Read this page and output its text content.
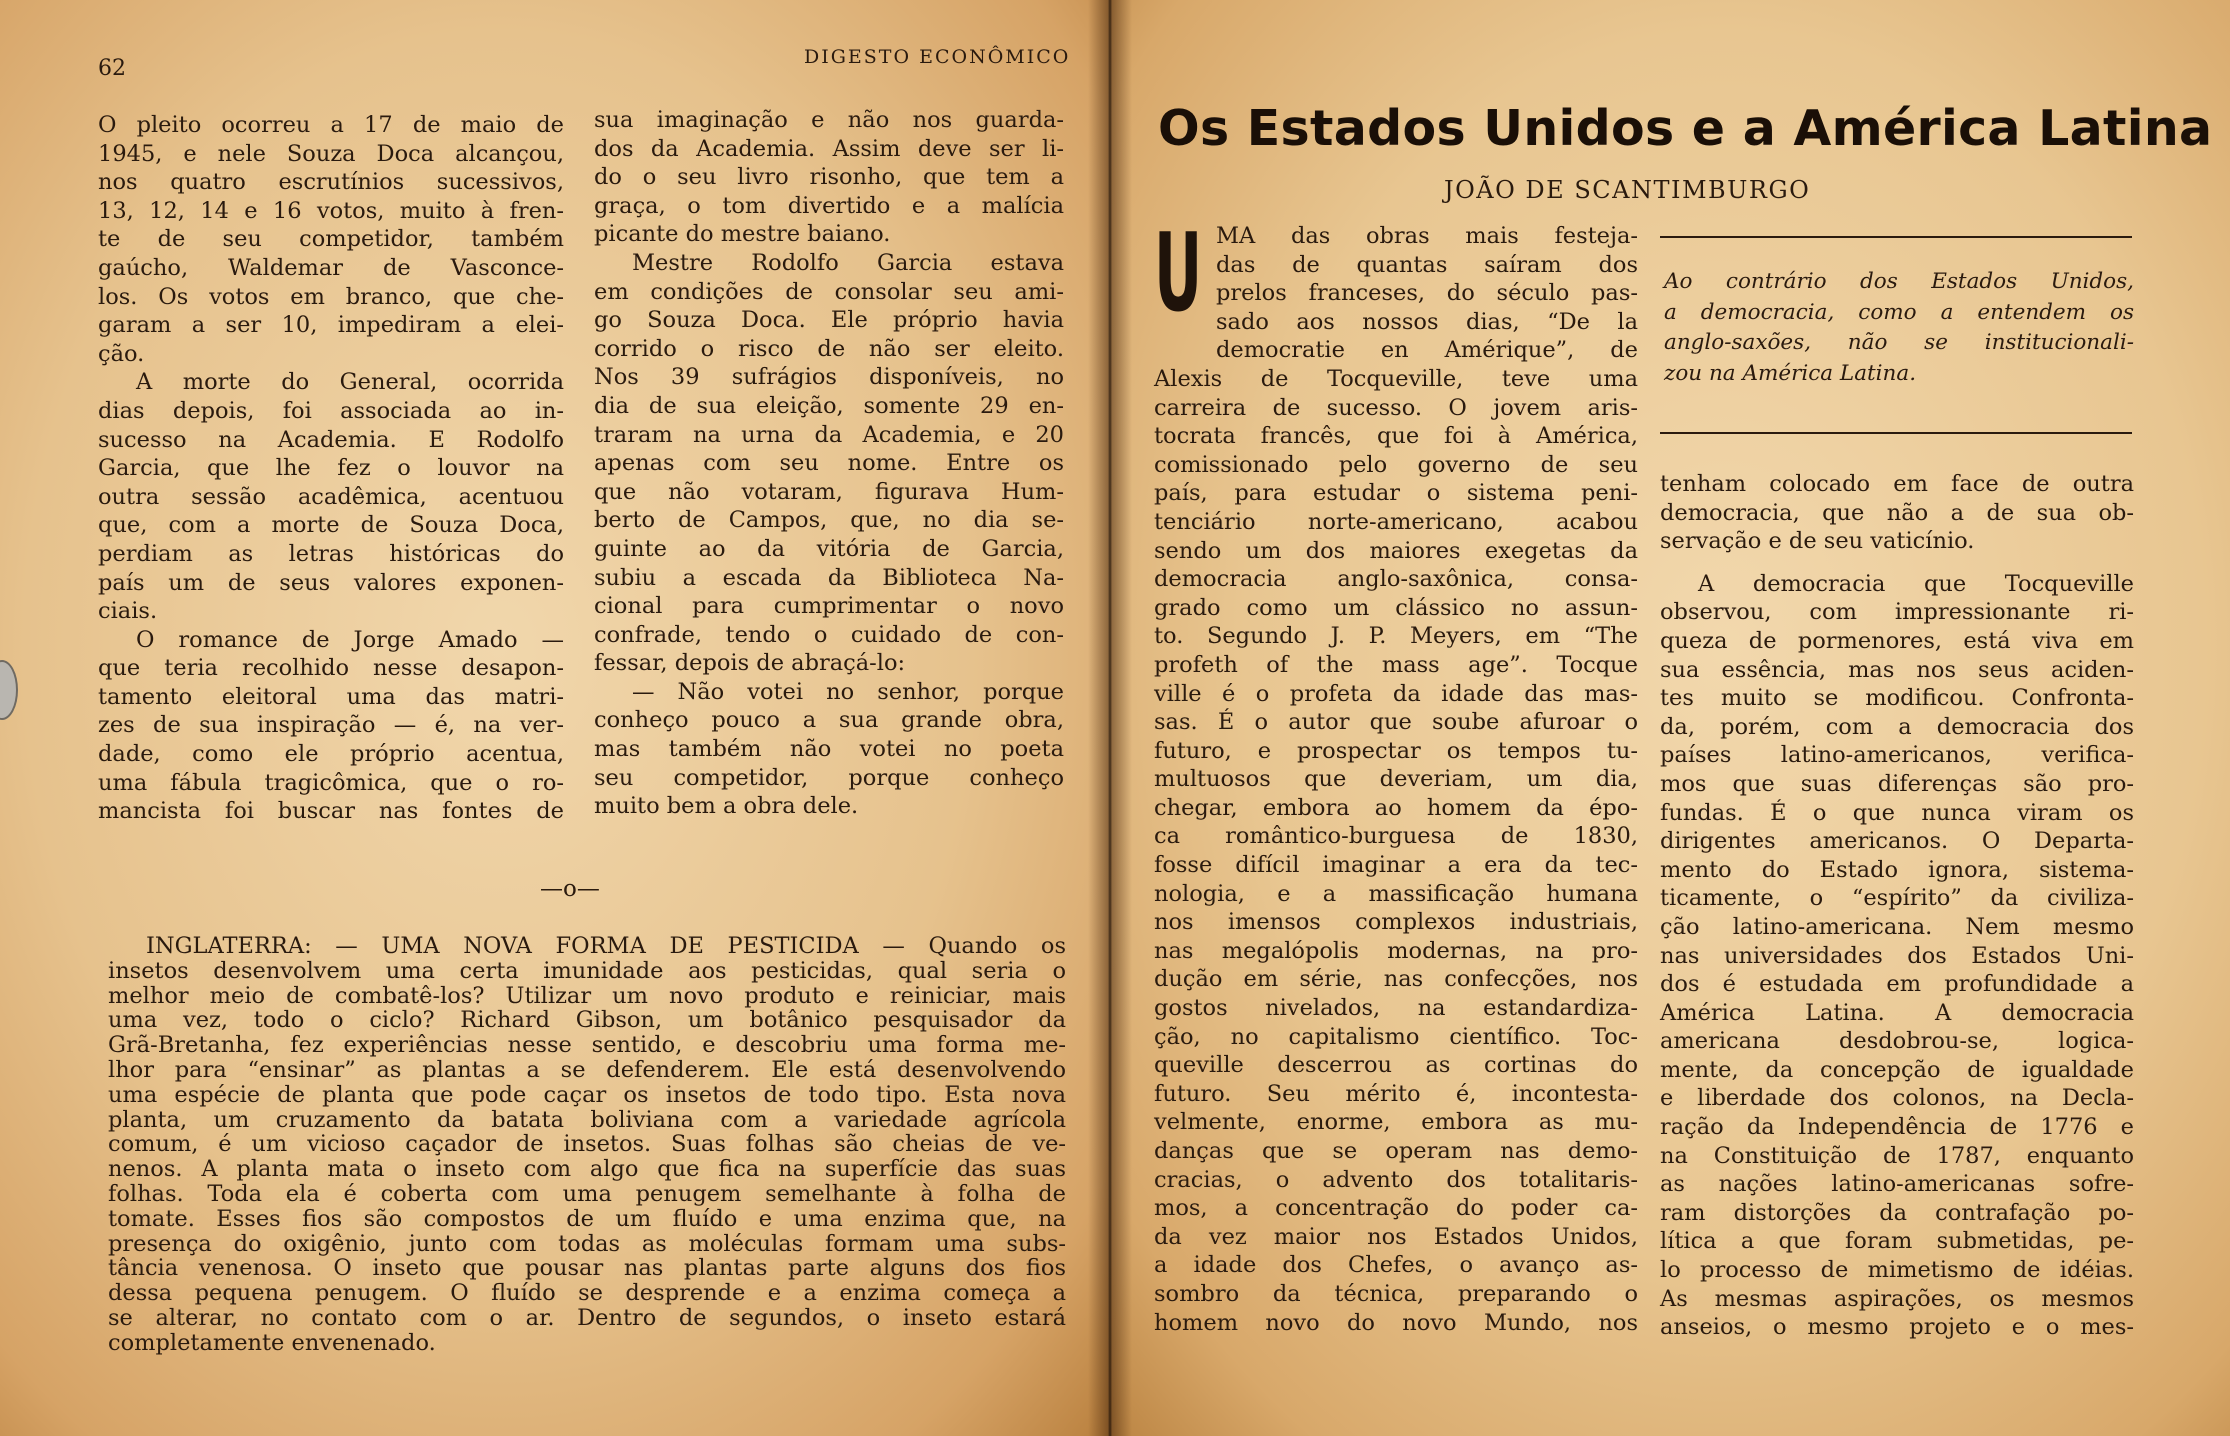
62	DIGESTO ECONÔMICO

O pleito ocorreu a 17 de maio de
1945, e nele Souza Doca alcançou,
nos quatro escrutínios sucessivos,
13, 12, 14 e 16 votos, muito à fren-
te de seu competidor, também
gaúcho, Waldemar de Vasconce-
los. Os votos em branco, que che-
garam a ser 10, impediram a elei-
ção.
A morte do General, ocorrida
dias depois, foi associada ao in-
sucesso na Academia. E Rodolfo
Garcia, que lhe fez o louvor na
outra sessão acadêmica, acentuou
que, com a morte de Souza Doca,
perdiam as letras históricas do
país um de seus valores exponen-
ciais.
O romance de Jorge Amado —
que teria recolhido nesse desapon-
tamento eleitoral uma das matri-
zes de sua inspiração — é, na ver-
dade, como ele próprio acentua,
uma fábula tragicômica, que o ro-
mancista foi buscar nas fontes de

sua imaginação e não nos guarda-
dos da Academia. Assim deve ser li-
do o seu livro risonho, que tem a
graça, o tom divertido e a malícia
picante do mestre baiano.
Mestre Rodolfo Garcia estava
em condições de consolar seu ami-
go Souza Doca. Ele próprio havia
corrido o risco de não ser eleito.
Nos 39 sufrágios disponíveis, no
dia de sua eleição, somente 29 en-
traram na urna da Academia, e 20
apenas com seu nome. Entre os
que não votaram, figurava Hum-
berto de Campos, que, no dia se-
guinte ao da vitória de Garcia,
subiu a escada da Biblioteca Na-
cional para cumprimentar o novo
confrade, tendo o cuidado de con-
fessar, depois de abraçá-lo:
— Não votei no senhor, porque
conheço pouco a sua grande obra,
mas também não votei no poeta
seu competidor, porque conheço
muito bem a obra dele.

—o—

INGLATERRA: — UMA NOVA FORMA DE PESTICIDA — Quando os
insetos desenvolvem uma certa imunidade aos pesticidas, qual seria o
melhor meio de combatê-los? Utilizar um novo produto e reiniciar, mais
uma vez, todo o ciclo? Richard Gibson, um botânico pesquisador da
Grã-Bretanha, fez experiências nesse sentido, e descobriu uma forma me-
lhor para “ensinar” as plantas a se defenderem. Ele está desenvolvendo
uma espécie de planta que pode caçar os insetos de todo tipo. Esta nova
planta, um cruzamento da batata boliviana com a variedade agrícola
comum, é um vicioso caçador de insetos. Suas folhas são cheias de ve-
nenos. A planta mata o inseto com algo que fica na superfície das suas
folhas. Toda ela é coberta com uma penugem semelhante à folha de
tomate. Esses fios são compostos de um fluído e uma enzima que, na
presença do oxigênio, junto com todas as moléculas formam uma subs-
tância venenosa. O inseto que pousar nas plantas parte alguns dos fios
dessa pequena penugem. O fluído se desprende e a enzima começa a
se alterar, no contato com o ar. Dentro de segundos, o inseto estará
completamente envenenado.

Os Estados Unidos e a América Latina
JOÃO DE SCANTIMBURGO
U MA das obras mais festeja-
das de quantas saíram dos
prelos franceses, do século pas-
sado aos nossos dias, “De la
democratie en Amérique”, de
Alexis de Tocqueville, teve uma
carreira de sucesso. O jovem aris-
tocrata francês, que foi à América,
comissionado pelo governo de seu
país, para estudar o sistema peni-
tenciário norte-americano, acabou
sendo um dos maiores exegetas da
democracia anglo-saxônica, consa-
grado como um clássico no assun-
to. Segundo J. P. Meyers, em “The
profeth of the mass age”. Tocque
ville é o profeta da idade das mas-
sas. É o autor que soube afuroar o
futuro, e prospectar os tempos tu-
multuosos que deveriam, um dia,
chegar, embora ao homem da épo-
ca romântico-burguesa de 1830,
fosse difícil imaginar a era da tec-
nologia, e a massificação humana
nos imensos complexos industriais,
nas megalópolis modernas, na pro-
dução em série, nas confecções, nos
gostos nivelados, na estandardiza-
ção, no capitalismo científico. Toc-
queville descerrou as cortinas do
futuro. Seu mérito é, incontesta-
velmente, enorme, embora as mu-
danças que se operam nas demo-
cracias, o advento dos totalitaris-
mos, a concentração do poder ca-
da vez maior nos Estados Unidos,
a idade dos Chefes, o avanço as-
sombro da técnica, preparando o
homem novo do novo Mundo, nos

Ao contrário dos Estados Unidos,
a democracia, como a entendem os
anglo-saxões, não se institucionali-
zou na América Latina.

tenham colocado em face de outra
democracia, que não a de sua ob-
servação e de seu vaticínio.
A democracia que Tocqueville
observou, com impressionante ri-
queza de pormenores, está viva em
sua essência, mas nos seus aciden-
tes muito se modificou. Confronta-
da, porém, com a democracia dos
países latino-americanos, verifica-
mos que suas diferenças são pro-
fundas. É o que nunca viram os
dirigentes americanos. O Departa-
mento do Estado ignora, sistema-
ticamente, o “espírito” da civiliza-
ção latino-americana. Nem mesmo
nas universidades dos Estados Uni-
dos é estudada em profundidade a
América Latina. A democracia
americana desdobrou-se, logica-
mente, da concepção de igualdade
e liberdade dos colonos, na Decla-
ração da Independência de 1776 e
na Constituição de 1787, enquanto
as nações latino-americanas sofre-
ram distorções da contrafação po-
lítica a que foram submetidas, pe-
lo processo de mimetismo de idéias.
As mesmas aspirações, os mesmos
anseios, o mesmo projeto e o mes-
